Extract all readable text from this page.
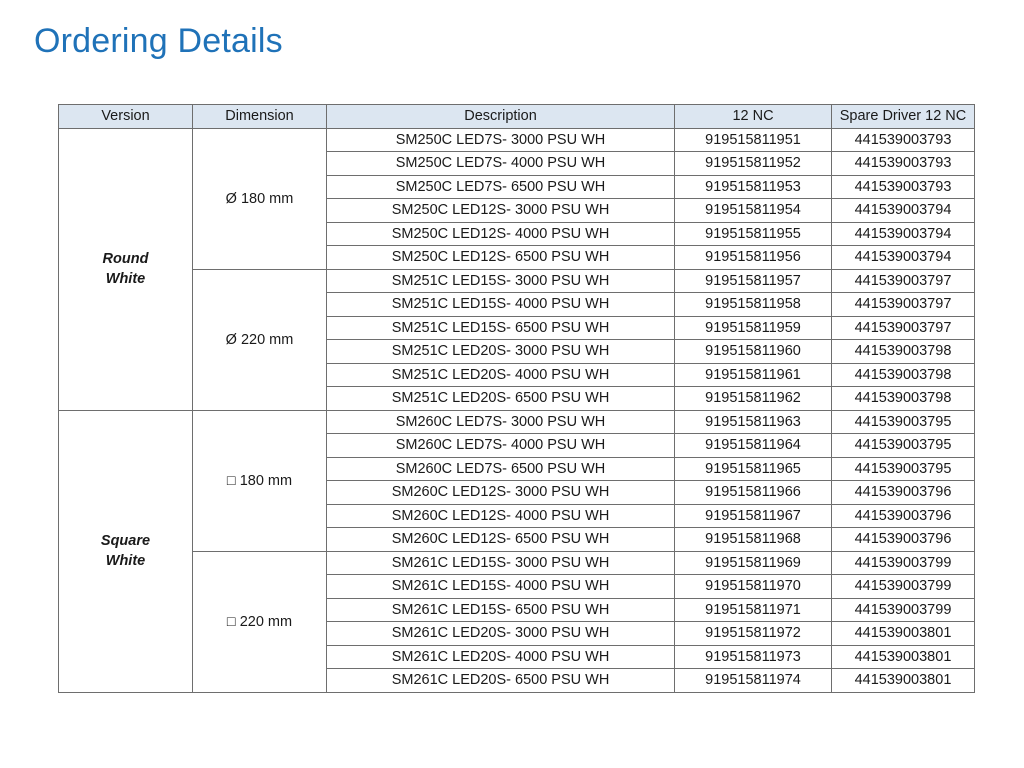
Ordering Details
Version	Dimension	Description	12 NC	Spare Driver 12 NC

Round
White	Ø 180 mm	SM250C LED7S- 3000 PSU WH	919515811951	441539003793
		SM250C LED7S- 4000 PSU WH	919515811952	441539003793
		SM250C LED7S- 6500 PSU WH	919515811953	441539003793
		SM250C LED12S- 3000 PSU WH	919515811954	441539003794
		SM250C LED12S- 4000 PSU WH	919515811955	441539003794
		SM250C LED12S- 6500 PSU WH	919515811956	441539003794
	Ø 220 mm	SM251C LED15S- 3000 PSU WH	919515811957	441539003797
		SM251C LED15S- 4000 PSU WH	919515811958	441539003797
		SM251C LED15S- 6500 PSU WH	919515811959	441539003797
		SM251C LED20S- 3000 PSU WH	919515811960	441539003798
		SM251C LED20S- 4000 PSU WH	919515811961	441539003798
		SM251C LED20S- 6500 PSU WH	919515811962	441539003798

Square
White	□ 180 mm	SM260C LED7S- 3000 PSU WH	919515811963	441539003795
		SM260C LED7S- 4000 PSU WH	919515811964	441539003795
		SM260C LED7S- 6500 PSU WH	919515811965	441539003795
		SM260C LED12S- 3000 PSU WH	919515811966	441539003796
		SM260C LED12S- 4000 PSU WH	919515811967	441539003796
		SM260C LED12S- 6500 PSU WH	919515811968	441539003796
	□ 220 mm	SM261C LED15S- 3000 PSU WH	919515811969	441539003799
		SM261C LED15S- 4000 PSU WH	919515811970	441539003799
		SM261C LED15S- 6500 PSU WH	919515811971	441539003799
		SM261C LED20S- 3000 PSU WH	919515811972	441539003801
		SM261C LED20S- 4000 PSU WH	919515811973	441539003801
		SM261C LED20S- 6500 PSU WH	919515811974	441539003801
